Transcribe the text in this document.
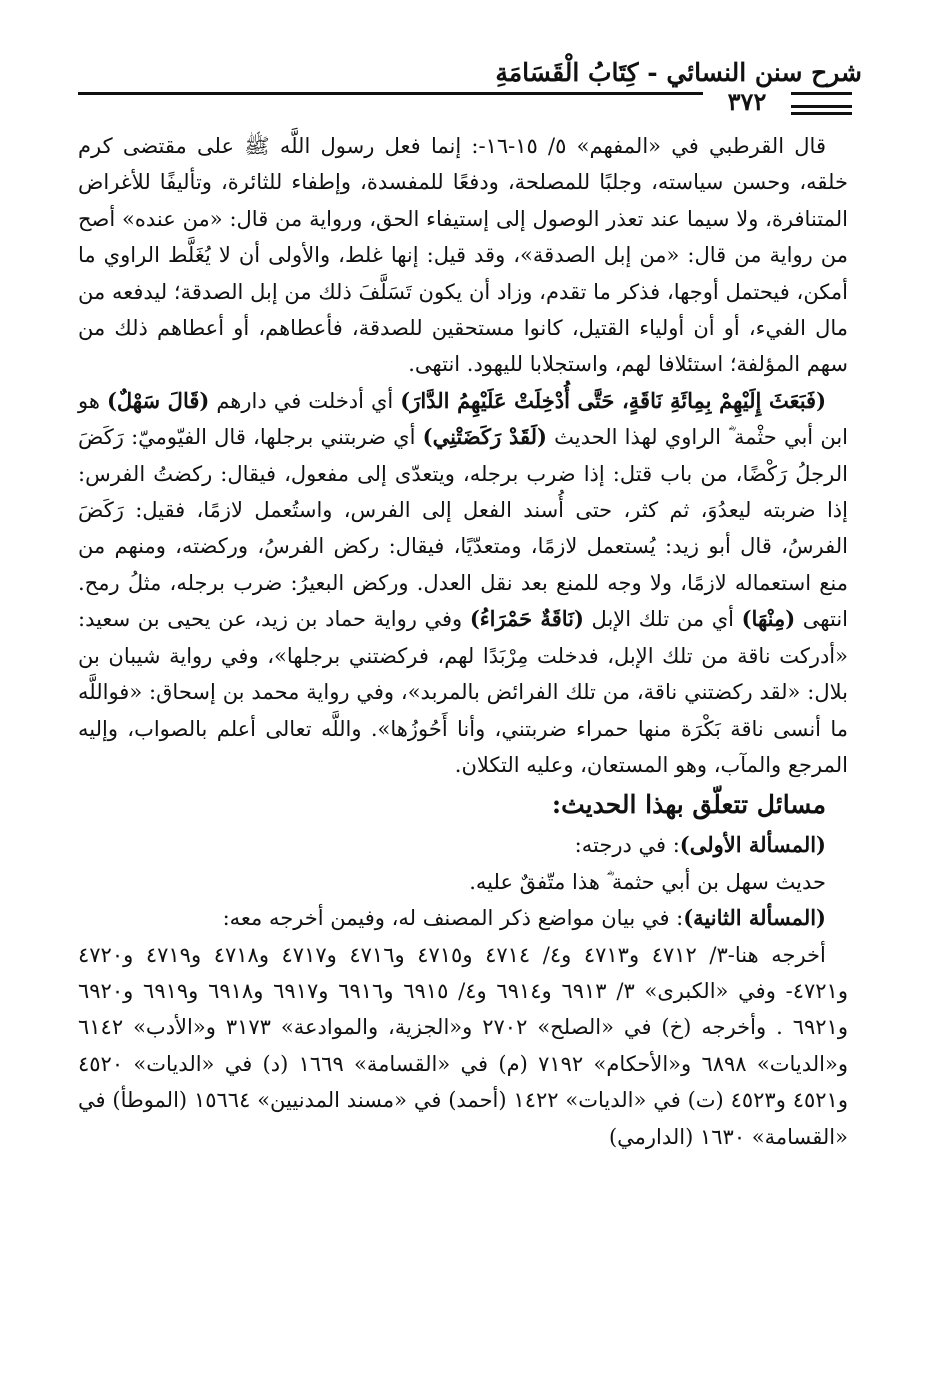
شرح سنن النسائي - كِتَابُ الْقَسَامَةِ
٣٧٢

قال القرطبي في «المفهم» ٥/ ١٥-١٦-: إنما فعل رسول اللَّه ﷺ على مقتضى كرم خلقه، وحسن سياسته، وجلبًا للمصلحة، ودفعًا للمفسدة، وإطفاء للثائرة، وتأليفًا للأغراض المتنافرة، ولا سيما عند تعذر الوصول إلى إستيفاء الحق، ورواية من قال: «من عنده» أصح من رواية من قال: «من إبل الصدقة»، وقد قيل: إنها غلط، والأولى أن لا يُغَلَّط الراوي ما أمكن، فيحتمل أوجها، فذكر ما تقدم، وزاد أن يكون تَسَلَّفَ ذلك من إبل الصدقة؛ ليدفعه من مال الفيء، أو أن أولياء القتيل، كانوا مستحقين للصدقة، فأعطاهم، أو أعطاهم ذلك من سهم المؤلفة؛ استئلافا لهم، واستجلابا لليهود. انتهى.

(فَبَعَثَ إِلَيْهِمْ بِمِائَةِ نَاقَةٍ، حَتَّى أُدْخِلَتْ عَلَيْهِمُ الدَّارَ) أي أدخلت في دارهم (قَالَ سَهْلٌ) هو ابن أبي حثْمة ؓ الراوي لهذا الحديث (لَقَدْ رَكَضَتْنِي) أي ضربتني برجلها، قال الفيّوميّ: رَكَضَ الرجلُ رَكْضًا، من باب قتل: إذا ضرب برجله، ويتعدّى إلى مفعول، فيقال: ركضتُ الفرس: إذا ضربته ليعدُوَ، ثم كثر، حتى أُسند الفعل إلى الفرس، واستُعمل لازمًا، فقيل: رَكَضَ الفرسُ، قال أبو زيد: يُستعمل لازمًا، ومتعدّيًا، فيقال: ركض الفرسُ، وركضته، ومنهم من منع استعماله لازمًا، ولا وجه للمنع بعد نقل العدل. وركض البعيرُ: ضرب برجله، مثلُ رمح. انتهى (مِنْهَا) أي من تلك الإبل (نَاقَةٌ حَمْرَاءُ) وفي رواية حماد بن زيد، عن يحيى بن سعيد: «أدركت ناقة من تلك الإبل، فدخلت مِرْبَدًا لهم، فركضتني برجلها»، وفي رواية شيبان بن بلال: «لقد ركضتني ناقة، من تلك الفرائض بالمربد»، وفي رواية محمد بن إسحاق: «فواللَّه ما أنسى ناقة بَكْرَة منها حمراء ضربتني، وأنا أَحُوزُها». واللَّه تعالى أعلم بالصواب، وإليه المرجع والمآب، وهو المستعان، وعليه التكلان.

مسائل تتعلّق بهذا الحديث:

(المسألة الأولى): في درجته:

حديث سهل بن أبي حثمة ؓ هذا متّفقٌ عليه.

(المسألة الثانية): في بيان مواضع ذكر المصنف له، وفيمن أخرجه معه:

أخرجه هنا-٣/ ٤٧١٢ و٤٧١٣ و٤/ ٤٧١٤ و٤٧١٥ و٤٧١٦ و٤٧١٧ و٤٧١٨ و٤٧١٩ و٤٧٢٠ و٤٧٢١- وفي «الكبرى» ٣/ ٦٩١٣ و٦٩١٤ و٤/ ٦٩١٥ و٦٩١٦ و٦٩١٧ و٦٩١٨ و٦٩١٩ و٦٩٢٠ و٦٩٢١ . وأخرجه (خ) في «الصلح» ٢٧٠٢ و«الجزية، والموادعة» ٣١٧٣ و«الأدب» ٦١٤٢ و«الديات» ٦٨٩٨ و«الأحكام» ٧١٩٢ (م) في «القسامة» ١٦٦٩ (د) في «الديات» ٤٥٢٠ و٤٥٢١ و٤٥٢٣ (ت) في «الديات» ١٤٢٢ (أحمد) في «مسند المدنيين» ١٥٦٦٤ (الموطأ) في «القسامة» ١٦٣٠ (الدارمي)
